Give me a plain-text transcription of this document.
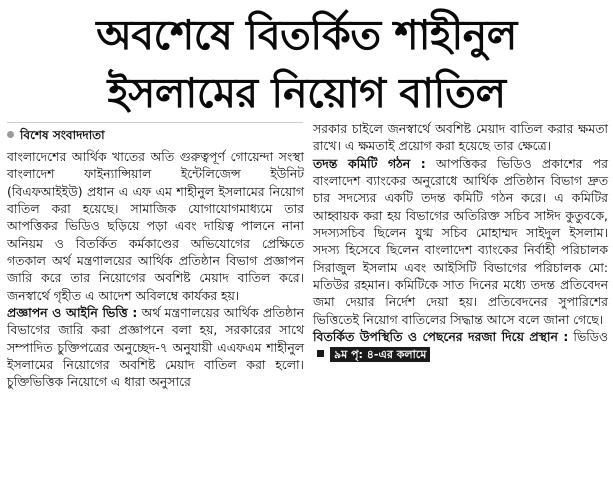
অবশেষে বিতর্কিত শাহীনুল
ইসলামের নিয়োগ বাতিল
বিশেষ সংবাদদাতা

বাংলাদেশের আর্থিক খাতের অতি গুরুত্বপূর্ণ গোয়েন্দা সংস্থা বাংলাদেশ ফাইন্যান্সিয়াল ইন্টেলিজেন্স ইউনিট (বিএফআইইউ) প্রধান এ এফ এম শাহীনুল ইসলামের নিয়োগ বাতিল করা হয়েছে। সামাজিক যোগাযোগমাধ্যমে তার আপত্তিকর ভিডিও ছড়িয়ে পড়া এবং দায়িত্ব পালনে নানা অনিয়ম ও বিতর্কিত কর্মকাণ্ডের অভিযোগের প্রেক্ষিতে গতকাল অর্থ মন্ত্রণালয়ের আর্থিক প্রতিষ্ঠান বিভাগ প্রজ্ঞাপন জারি করে তার নিয়োগের অবশিষ্ট মেয়াদ বাতিল করে। জনস্বার্থে গৃহীত এ আদেশ অবিলম্বে কার্যকর হয়।

প্রজ্ঞাপন ও আইনি ভিত্তি : অর্থ মন্ত্রণালয়ের আর্থিক প্রতিষ্ঠান বিভাগের জারি করা প্রজ্ঞাপনে বলা হয়, সরকারের সাথে সম্পাদিত চুক্তিপত্রের অনুচ্ছেদ-৭ অনুযায়ী এএফএম শাহীনুল ইসলামের নিয়োগের অবশিষ্ট মেয়াদ বাতিল করা হলো। চুক্তিভিত্তিক নিয়োগে এ ধারা অনুসারে

সরকার চাইলে জনস্বার্থে অবশিষ্ট মেয়াদ বাতিল করার ক্ষমতা রাখে। এ ক্ষমতাই প্রয়োগ করা হয়েছে তার ক্ষেত্রে।

তদন্ত কমিটি গঠন : আপত্তিকর ভিডিও প্রকাশের পর বাংলাদেশ ব্যাংকের অনুরোধে আর্থিক প্রতিষ্ঠান বিভাগ দ্রুত চার সদস্যের একটি তদন্ত কমিটি গঠন করে। এ কমিটির আহ্বায়ক করা হয় বিভাগের অতিরিক্ত সচিব সাঈদ কুতুবকে, সদস্যসচিব ছিলেন যুগ্ম সচিব মোহাম্মদ সাইদুল ইসলাম। সদস্য হিসেবে ছিলেন বাংলাদেশ ব্যাংকের নির্বাহী পরিচালক সিরাজুল ইসলাম এবং আইসিটি বিভাগের পরিচালক মো: মতিউর রহমান। কমিটিকে সাত দিনের মধ্যে তদন্ত প্রতিবেদন জমা দেয়ার নির্দেশ দেয়া হয়। প্রতিবেদনের সুপারিশের ভিত্তিতেই নিয়োগ বাতিলের সিদ্ধান্ত আসে বলে জানা গেছে।

বিতর্কিত উপস্থিতি ও পেছনের দরজা দিয়ে প্রস্থান : ভিডিও৯ম পৃ: ৪-এর কলামে
